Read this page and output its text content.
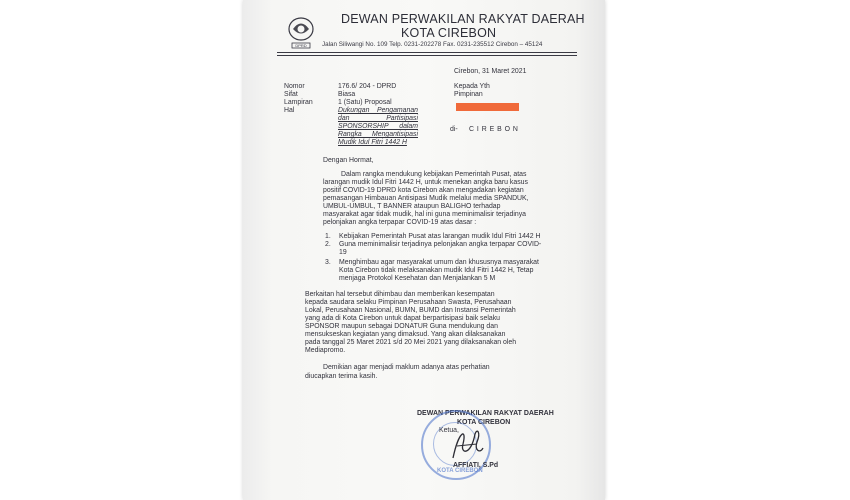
DPRD
DEWAN PERWAKILAN RAKYAT DAERAH
KOTA CIREBON
Jalan Siliwangi No. 109 Telp. 0231-202278 Fax. 0231-235512 Cirebon – 45124
Cirebon, 31 Maret 2021
Nomor
Sifat
Lampiran
Hal
176.6/ 204 - DPRD
Biasa
1 (Satu) Proposal
Dukungan Pengamanan
dan Partisipasi
SPONSORSHIP dalam
Rangka Mengantisipasi
Mudik Idul Fitri 1442 H
Kepada Yth
Pimpinan
di- C I R E B O N
Dengan Hormat,
Dalam rangka mendukung kebijakan Pemerintah Pusat, atas
larangan mudik Idul Fitri 1442 H, untuk menekan angka baru kasus
positif COVID-19 DPRD kota Cirebon akan mengadakan kegiatan
pemasangan Himbauan Antisipasi Mudik melalui media SPANDUK,
UMBUL-UMBUL, T BANNER ataupun BALIGHO terhadap
masyarakat agar tidak mudik, hal ini guna meminimalisir terjadinya
pelonjakan angka terpapar COVID-19 atas dasar :
1. Kebijakan Pemerintah Pusat atas larangan mudik Idul Fitri 1442 H
2. Guna meminimalisir terjadinya pelonjakan angka terpapar COVID-
19
3. Menghimbau agar masyarakat umum dan khususnya masyarakat
Kota Cirebon tidak melaksanakan mudik Idul Fitri 1442 H, Tetap
menjaga Protokol Kesehatan dan Menjalankan 5 M
Berkaitan hal tersebut dihimbau dan memberikan kesempatan
kepada saudara selaku Pimpinan Perusahaan Swasta, Perusahaan
Lokal, Perusahaan Nasional, BUMN, BUMD dan Instansi Pemerintah
yang ada di Kota Cirebon untuk dapat berpartisipasi baik selaku
SPONSOR maupun sebagai DONATUR Guna mendukung dan
mensukseskan kegiatan yang dimaksud. Yang akan dilaksanakan
pada tanggal 25 Maret 2021 s/d 20 Mei 2021 yang dilaksanakan oleh
Mediapromo.
Demikian agar menjadi maklum adanya atas perhatian
diucapkan terima kasih.
DEWAN PERWAKILAN RAKYAT DAERAH
KOTA CIREBON
Ketua,
KOTA CIREBON
AFFIATI, S.Pd
